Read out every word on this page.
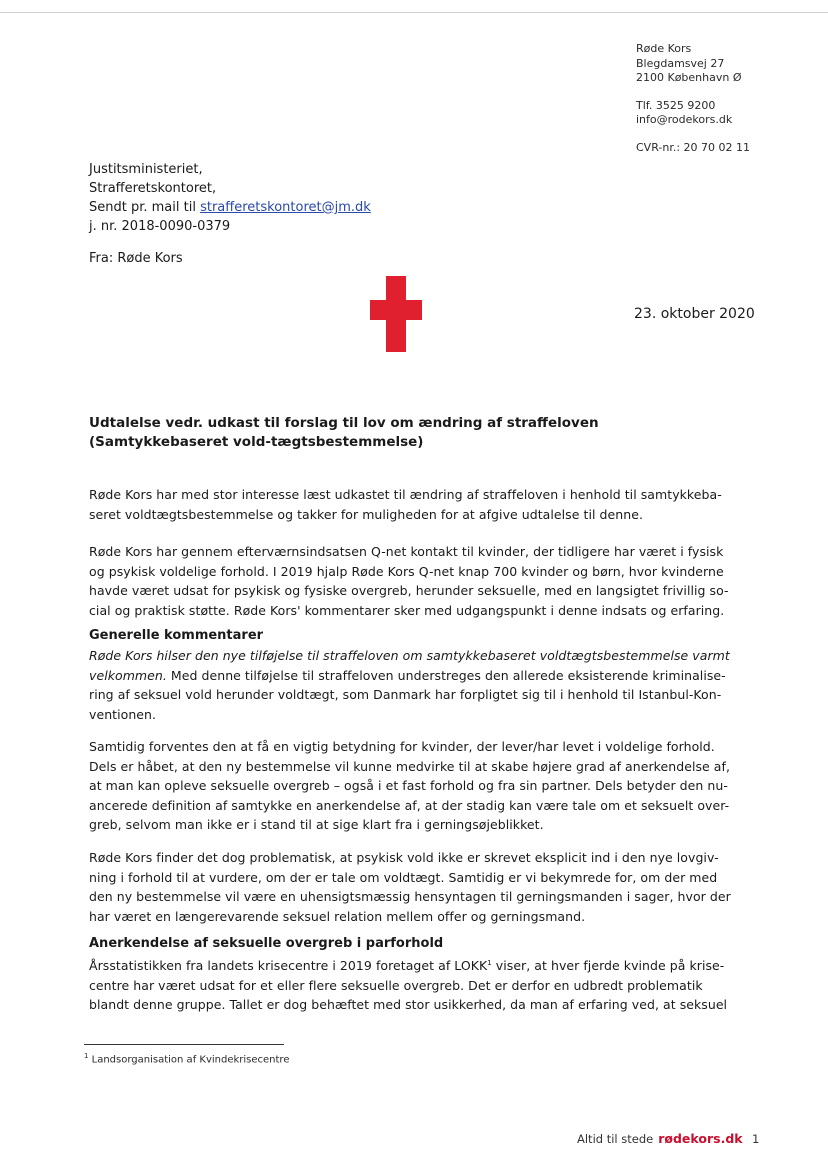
Røde Kors
Blegdamsvej 27
2100 København Ø
Tlf. 3525 9200
info@rodekors.dk
CVR-nr.: 20 70 02 11
Justitsministeriet,
Strafferetskontoret,
Sendt pr. mail til strafferetskontoret@jm.dk
j. nr. 2018-0090-0379
Fra: Røde Kors
23. oktober 2020
Udtalelse vedr. udkast til forslag til lov om ændring af straffeloven (Samtykkebaseret vold-tægtsbestemmelse)
Røde Kors har med stor interesse læst udkastet til ændring af straffeloven i henhold til samtykkeba-
seret voldtægtsbestemmelse og takker for muligheden for at afgive udtalelse til denne.
Røde Kors har gennem efterværnsindsatsen Q-net kontakt til kvinder, der tidligere har været i fysisk
og psykisk voldelige forhold. I 2019 hjalp Røde Kors Q-net knap 700 kvinder og børn, hvor kvinderne
havde været udsat for psykisk og fysiske overgreb, herunder seksuelle, med en langsigtet frivillig so-
cial og praktisk støtte. Røde Kors' kommentarer sker med udgangspunkt i denne indsats og erfaring.
Generelle kommentarer
Røde Kors hilser den nye tilføjelse til straffeloven om samtykkebaseret voldtægtsbestemmelse varmt
velkommen. Med denne tilføjelse til straffeloven understreges den allerede eksisterende kriminalise-
ring af seksuel vold herunder voldtægt, som Danmark har forpligtet sig til i henhold til Istanbul-Kon-
ventionen.
Samtidig forventes den at få en vigtig betydning for kvinder, der lever/har levet i voldelige forhold.
Dels er håbet, at den ny bestemmelse vil kunne medvirke til at skabe højere grad af anerkendelse af,
at man kan opleve seksuelle overgreb – også i et fast forhold og fra sin partner. Dels betyder den nu-
ancerede definition af samtykke en anerkendelse af, at der stadig kan være tale om et seksuelt over-
greb, selvom man ikke er i stand til at sige klart fra i gerningsøjeblikket.
Røde Kors finder det dog problematisk, at psykisk vold ikke er skrevet eksplicit ind i den nye lovgiv-
ning i forhold til at vurdere, om der er tale om voldtægt. Samtidig er vi bekymrede for, om der med
den ny bestemmelse vil være en uhensigtsmæssig hensyntagen til gerningsmanden i sager, hvor der
har været en længerevarende seksuel relation mellem offer og gerningsmand.
Anerkendelse af seksuelle overgreb i parforhold
Årsstatistikken fra landets krisecentre i 2019 foretaget af LOKK$^1$ viser, at hver fjerde kvinde på krise-
centre har været udsat for et eller flere seksuelle overgreb. Det er derfor en udbredt problematik
blandt denne gruppe. Tallet er dog behæftet med stor usikkerhed, da man af erfaring ved, at seksuel
$^1$ Landsorganisation af Kvindekrisecentre
Altid til stede rødekors.dk 1
